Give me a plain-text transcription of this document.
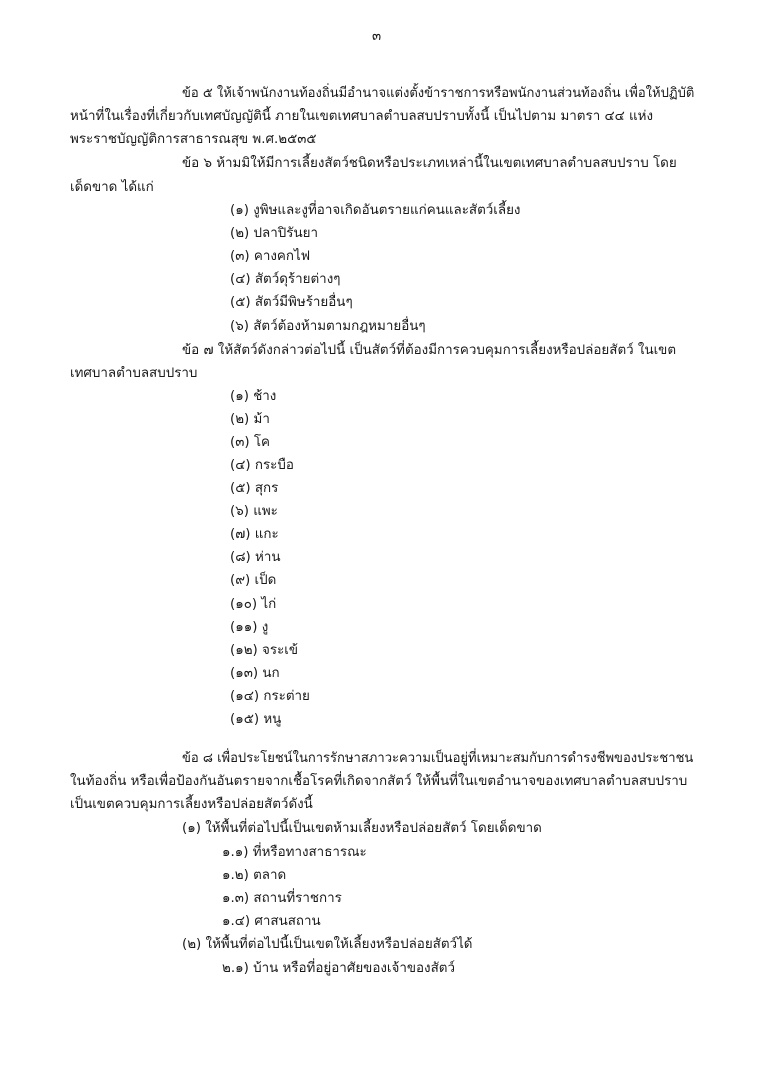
๓
ข้อ ๕ ให้เจ้าพนักงานท้องถิ่นมีอำนาจแต่งตั้งข้าราชการหรือพนักงานส่วนท้องถิ่น เพื่อให้ปฏิบัติ
หน้าที่ในเรื่องที่เกี่ยวกับเทศบัญญัตินี้ ภายในเขตเทศบาลตำบลสบปราบทั้งนี้ เป็นไปตาม มาตรา ๔๔ แห่ง
พระราชบัญญัติการสาธารณสุข พ.ศ.๒๕๓๕
ข้อ ๖ ห้ามมิให้มีการเลี้ยงสัตว์ชนิดหรือประเภทเหล่านี้ในเขตเทศบาลตำบลสบปราบ โดย
เด็ดขาด ได้แก่
(๑) งูพิษและงูที่อาจเกิดอันตรายแก่คนและสัตว์เลี้ยง
(๒) ปลาปิรันยา
(๓) คางคกไฟ
(๔) สัตว์ดุร้ายต่างๆ
(๕) สัตว์มีพิษร้ายอื่นๆ
(๖) สัตว์ต้องห้ามตามกฎหมายอื่นๆ
ข้อ ๗ ให้สัตว์ดังกล่าวต่อไปนี้ เป็นสัตว์ที่ต้องมีการควบคุมการเลี้ยงหรือปล่อยสัตว์ ในเขต
เทศบาลตำบลสบปราบ
(๑) ช้าง
(๒) ม้า
(๓) โค
(๔) กระบือ
(๕) สุกร
(๖) แพะ
(๗) แกะ
(๘) ห่าน
(๙) เป็ด
(๑๐) ไก่
(๑๑) งู
(๑๒) จระเข้
(๑๓) นก
(๑๔) กระต่าย
(๑๕) หนู
ข้อ ๘ เพื่อประโยชน์ในการรักษาสภาวะความเป็นอยู่ที่เหมาะสมกับการดำรงชีพของประชาชน
ในท้องถิ่น หรือเพื่อป้องกันอันตรายจากเชื้อโรคที่เกิดจากสัตว์ ให้พื้นที่ในเขตอำนาจของเทศบาลตำบลสบปราบ
เป็นเขตควบคุมการเลี้ยงหรือปล่อยสัตว์ดังนี้
(๑) ให้พื้นที่ต่อไปนี้เป็นเขตห้ามเลี้ยงหรือปล่อยสัตว์ โดยเด็ดขาด
๑.๑) ที่หรือทางสาธารณะ
๑.๒) ตลาด
๑.๓) สถานที่ราชการ
๑.๔) ศาสนสถาน
(๒) ให้พื้นที่ต่อไปนี้เป็นเขตให้เลี้ยงหรือปล่อยสัตว์ได้
๒.๑) บ้าน หรือที่อยู่อาศัยของเจ้าของสัตว์
